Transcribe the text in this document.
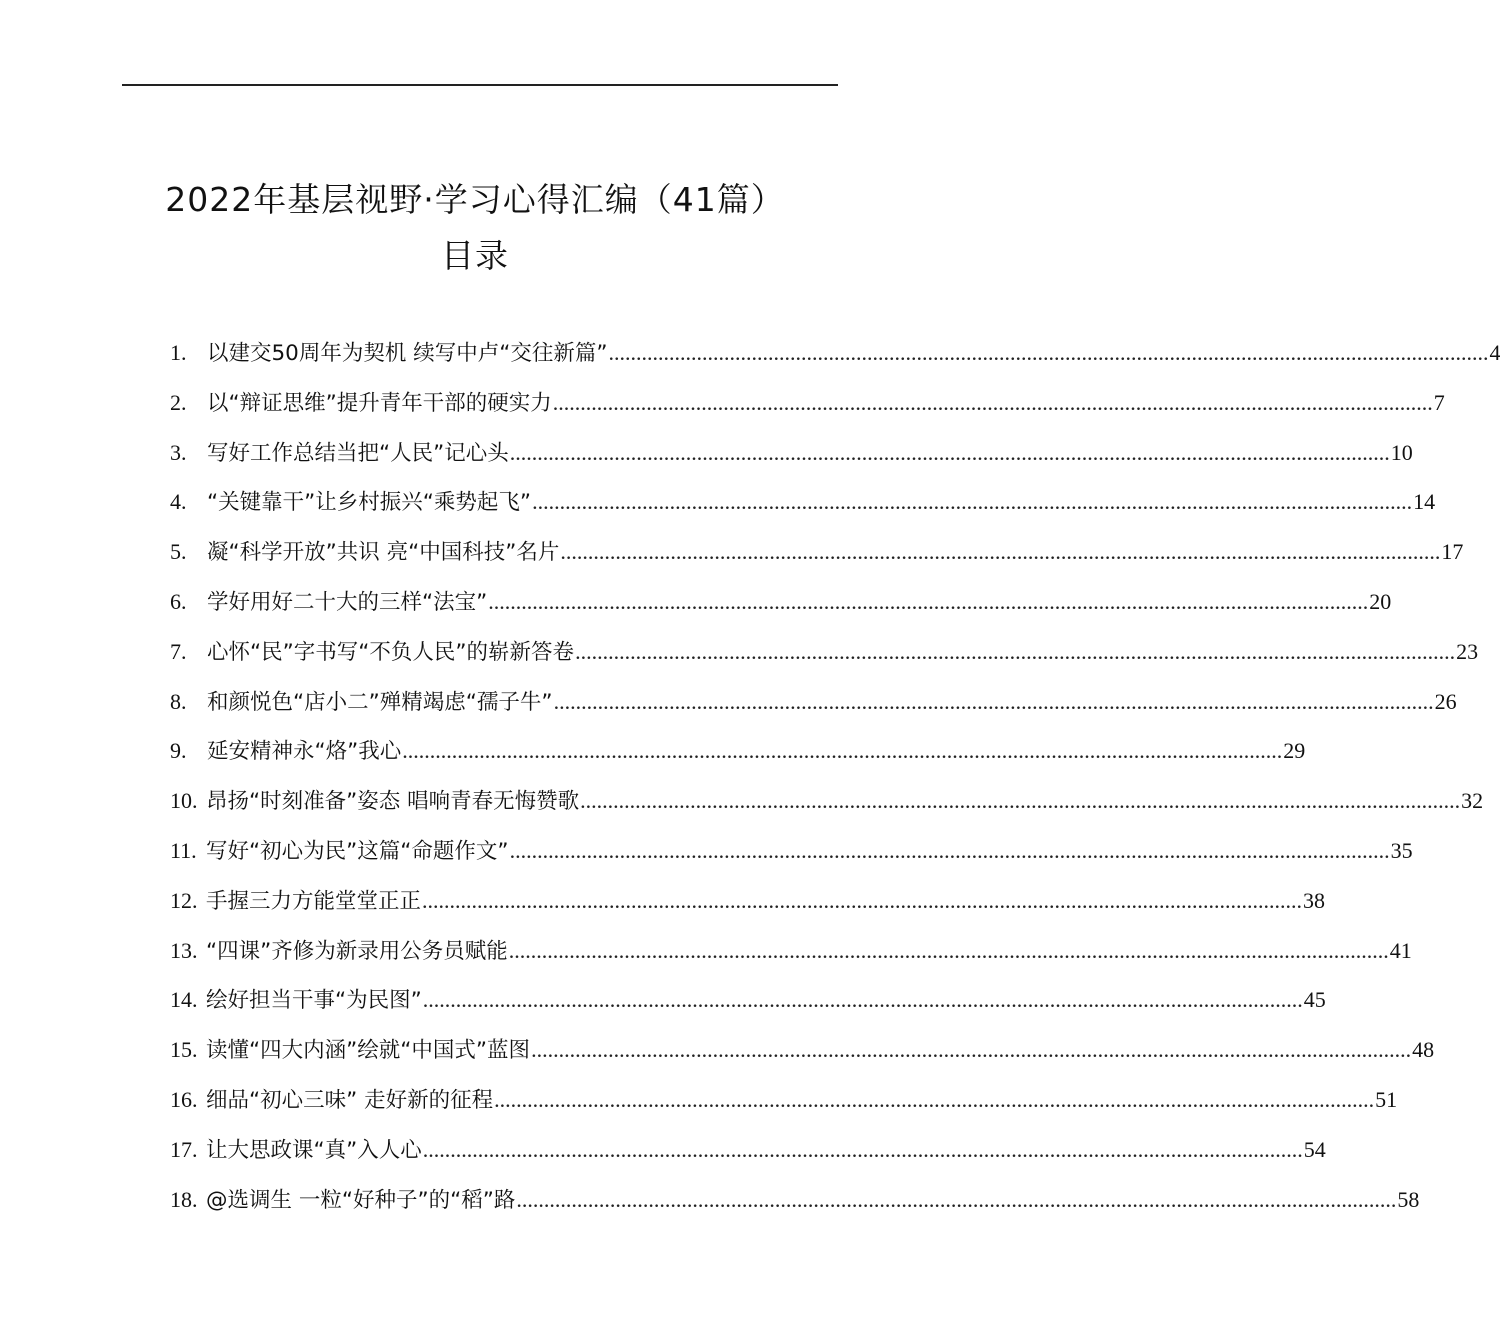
2022年基层视野·学习心得汇编（41篇）
目录
1. 以建交50周年为契机 续写中卢“交往新篇” .....	4
2. 以“辩证思维”提升青年干部的硬实力 .....	7
3. 写好工作总结当把“人民”记心头 .....	10
4. “关键靠干”让乡村振兴“乘势起飞” .....	14
5. 凝“科学开放”共识 亮“中国科技”名片 .....	17
6. 学好用好二十大的三样“法宝” .....	20
7. 心怀“民”字书写“不负人民”的崭新答卷 .....	23
8. 和颜悦色“店小二”殚精竭虑“孺子牛” .....	26
9. 延安精神永“烙”我心 .....	29
10. 昂扬“时刻准备”姿态 唱响青春无悔赞歌 .....	32
11. 写好“初心为民”这篇“命题作文” .....	35
12. 手握三力方能堂堂正正 .....	38
13. “四课”齐修为新录用公务员赋能 .....	41
14. 绘好担当干事“为民图” .....	45
15. 读懂“四大内涵”绘就“中国式”蓝图 .....	48
16. 细品“初心三味” 走好新的征程 .....	51
17. 让大思政课“真”入人心 .....	54
18. @选调生 一粒“好种子”的“稻”路 .....	58
